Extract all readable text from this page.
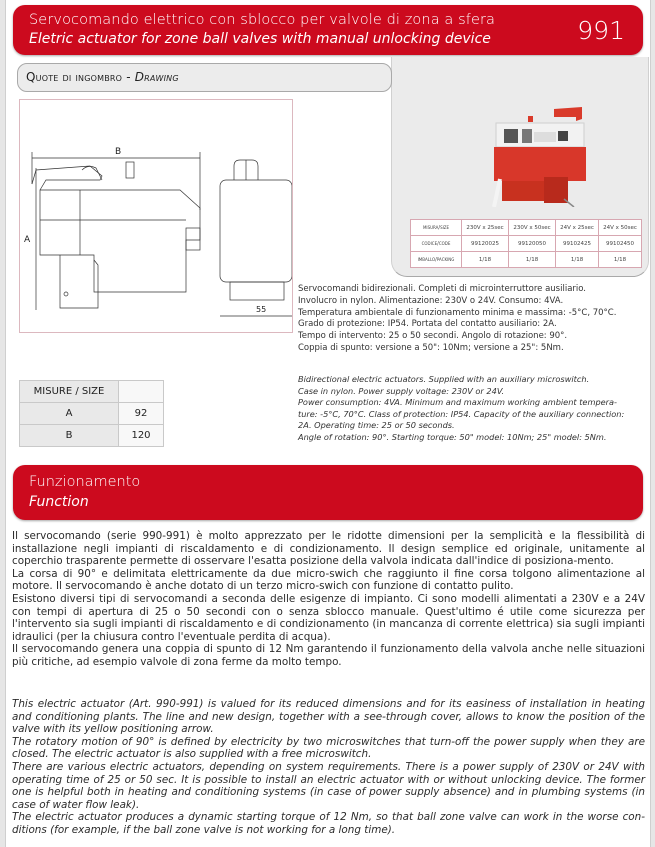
Servocomando elettrico con sblocco per valvole di zona a sfera
Eletric actuator for zone ball valves with manual unlocking device	991
misura/size	230V x 25sec	230V x 50sec	24V x 25sec	24V x 50sec
codice/code	99120025	99120050	99102425	99102450
imballo/packing	1/18	1/18	1/18	1/18
Quote di ingombro - Drawing
B
A
55
Servocomandi bidirezionali. Completi di microinterruttore ausiliario.
Involucro in nylon. Alimentazione: 230V o 24V. Consumo: 4VA.
Temperatura ambientale di funzionamento minima e massima: -5°C, 70°C.
Grado di protezione: IP54. Portata del contatto ausiliario: 2A.
Tempo di intervento: 25 o 50 secondi. Angolo di rotazione: 90°.
Coppia di spunto: versione a 50": 10Nm; versione a 25": 5Nm.
Bidirectional electric actuators. Supplied with an auxiliary microswitch.
Case in nylon. Power supply voltage: 230V or 24V.
Power consumption: 4VA. Minimum and maximum working ambient tempera-
ture: -5°C, 70°C. Class of protection: IP54. Capacity of the auxiliary connection:
2A. Operating time: 25 or 50 seconds.
Angle of rotation: 90°. Starting torque: 50" model: 10Nm; 25" model: 5Nm.
MISURE / SIZE	
A	92
B	120
Funzionamento
Function

Il servocomando (serie 990-991) è molto apprezzato per le ridotte dimensioni per la semplicità e la flessibilità di installazione negli impianti di riscaldamento e di condizionamento. Il design semplice ed originale, unitamente al coperchio trasparente permette di osservare l'esatta posizione della valvola indicata dall'indice di posiziona-mento.

La corsa di 90° e delimitata elettricamente da due micro-swich che raggiunto il fine corsa tolgono alimentazione al motore. Il servocomando è anche dotato di un terzo micro-swich con funzione di contatto pulito.

Esistono diversi tipi di servocomandi a seconda delle esigenze di impianto. Ci sono modelli alimentati a 230V e a 24V con tempi di apertura di 25 o 50 secondi con o senza sblocco manuale. Quest'ultimo é utile come sicurezza per l'intervento sia sugli impianti di riscaldamento e di condizionamento (in mancanza di corrente elettrica) sia sugli impianti idraulici (per la chiusura contro l'eventuale perdita di acqua).

Il servocomando genera una coppia di spunto di 12 Nm garantendo il funzionamento della valvola anche nelle situazioni più critiche, ad esempio valvole di zona ferme da molto tempo.

This electric actuator (Art. 990-991) is valued for its reduced dimensions and for its easiness of installation in heating and conditioning plants. The line and new design, together with a see-through cover, allows to know the position of the valve with its yellow positioning arrow.

The rotatory motion of 90° is defined by electricity by two microswitches that turn-off the power supply when they are closed. The electric actuator is also supplied with a free microswitch.

There are various electric actuators, depending on system requirements. There is a power supply of 230V or 24V with operating time of 25 or 50 sec. It is possible to install an electric actuator with or without unlocking device. The former one is helpful both in heating and conditioning systems (in case of power supply absence) and in plumbing systems (in case of water flow leak).

The electric actuator produces a dynamic starting torque of 12 Nm, so that ball zone valve can work in the worse con-ditions (for example, if the ball zone valve is not working for a long time).
